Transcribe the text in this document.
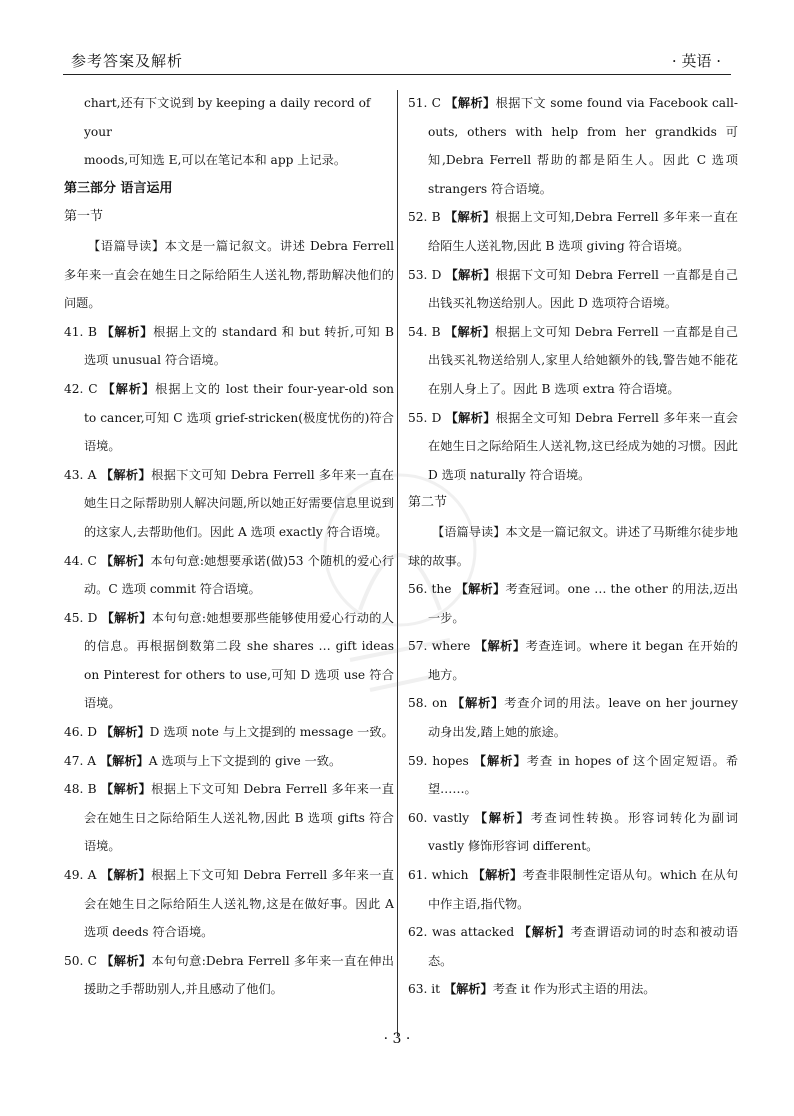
参考答案及解析	· 英语 ·
chart,还有下文说到 by keeping a daily record of your
moods,可知选 E,可以在笔记本和 app 上记录。
第三部分 语言运用
第一节
【语篇导读】本文是一篇记叙文。讲述 Debra Ferrell 多年来一直会在她生日之际给陌生人送礼物,帮助解决他们的问题。
41. B 【解析】根据上文的 standard 和 but 转折,可知 B 选项 unusual 符合语境。
42. C 【解析】根据上文的 lost their four-year-old son to cancer,可知 C 选项 grief-stricken(极度忧伤的)符合语境。
43. A 【解析】根据下文可知 Debra Ferrell 多年来一直在她生日之际帮助别人解决问题,所以她正好需要信息里说到的这家人,去帮助他们。因此 A 选项 exactly 符合语境。
44. C 【解析】本句句意:她想要承诺(做)53 个随机的爱心行动。C 选项 commit 符合语境。
45. D 【解析】本句句意:她想要那些能够使用爱心行动的人的信息。再根据倒数第二段 she shares … gift ideas on Pinterest for others to use,可知 D 选项 use 符合语境。
46. D 【解析】D 选项 note 与上文提到的 message 一致。
47. A 【解析】A 选项与上下文提到的 give 一致。
48. B 【解析】根据上下文可知 Debra Ferrell 多年来一直会在她生日之际给陌生人送礼物,因此 B 选项 gifts 符合语境。
49. A 【解析】根据上下文可知 Debra Ferrell 多年来一直会在她生日之际给陌生人送礼物,这是在做好事。因此 A 选项 deeds 符合语境。
50. C 【解析】本句句意:Debra Ferrell 多年来一直在伸出援助之手帮助别人,并且感动了他们。
51. C 【解析】根据下文 some found via Facebook call-outs, others with help from her grandkids 可知,Debra Ferrell 帮助的都是陌生人。因此 C 选项 strangers 符合语境。
52. B 【解析】根据上文可知,Debra Ferrell 多年来一直在给陌生人送礼物,因此 B 选项 giving 符合语境。
53. D 【解析】根据下文可知 Debra Ferrell 一直都是自己出钱买礼物送给别人。因此 D 选项符合语境。
54. B 【解析】根据上文可知 Debra Ferrell 一直都是自己出钱买礼物送给别人,家里人给她额外的钱,警告她不能花在别人身上了。因此 B 选项 extra 符合语境。
55. D 【解析】根据全文可知 Debra Ferrell 多年来一直会在她生日之际给陌生人送礼物,这已经成为她的习惯。因此 D 选项 naturally 符合语境。
第二节
【语篇导读】本文是一篇记叙文。讲述了马斯维尔徒步地球的故事。
56. the 【解析】考查冠词。one … the other 的用法,迈出一步。
57. where 【解析】考查连词。where it began 在开始的地方。
58. on 【解析】考查介词的用法。leave on her journey 动身出发,踏上她的旅途。
59. hopes 【解析】考查 in hopes of 这个固定短语。希望……。
60. vastly 【解析】考查词性转换。形容词转化为副词 vastly 修饰形容词 different。
61. which 【解析】考查非限制性定语从句。which 在从句中作主语,指代物。
62. was attacked 【解析】考查谓语动词的时态和被动语态。
63. it 【解析】考查 it 作为形式主语的用法。
· 3 ·
